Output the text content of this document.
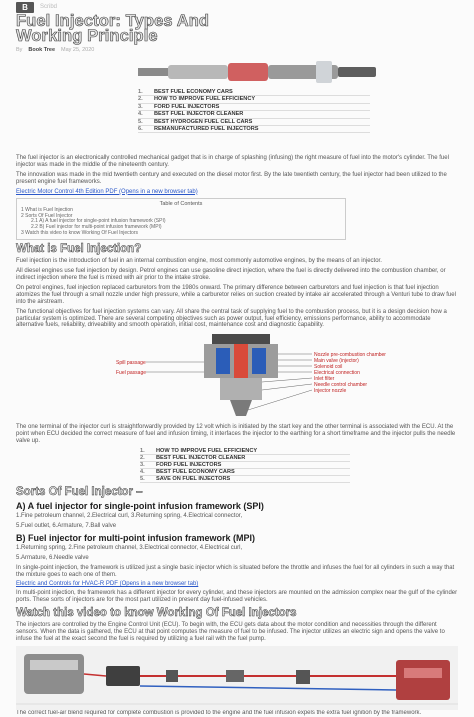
B	Scribd
Fuel Injector: Types And
Working Principle
By Book Tree May 25, 2020
1. BEST FUEL ECONOMY CARS
2. HOW TO IMPROVE FUEL EFFICIENCY
3. FORD FUEL INJECTORS
4. BEST FUEL INJECTOR CLEANER
5. BEST HYDROGEN FUEL CELL CARS
6. REMANUFACTURED FUEL INJECTORS

The fuel injector is an electronically controlled mechanical gadget that is in charge of splashing (infusing) the right measure of fuel into the motor's cylinder. The fuel injector was made in the middle of the nineteenth century.

The innovation was made in the mid twentieth century and executed on the diesel motor first. By the late twentieth century, the fuel injector had been utilized to the present engine fuel frameworks.

Electric Motor Control 4th Edition PDF (Opens in a new browser tab)
Table of Contents
1 What is Fuel Injection
2 Sorts Of Fuel Injector
2.1 A) A fuel injector for single-point infusion framework (SPI)
2.2 B) Fuel injector for multi-point infusion framework (MPI)
3 Watch this video to know Working Of Fuel Injectors
What is Fuel Injection?

Fuel injection is the introduction of fuel in an internal combustion engine, most commonly automotive engines, by the means of an injector.

All diesel engines use fuel injection by design. Petrol engines can use gasoline direct injection, where the fuel is directly delivered into the combustion chamber, or indirect injection where the fuel is mixed with air prior to the intake stroke.

On petrol engines, fuel injection replaced carburetors from the 1980s onward. The primary difference between carburetors and fuel injection is that fuel injection atomizes the fuel through a small nozzle under high pressure, while a carburetor relies on suction created by intake air accelerated through a Venturi tube to draw fuel into the airstream.

The functional objectives for fuel injection systems can vary. All share the central task of supplying fuel to the combustion process, but it is a design decision how a particular system is optimized. There are several competing objectives such as power output, fuel efficiency, emissions performance, ability to accommodate alternative fuels, reliability, driveability and smooth operation, initial cost, maintenance cost and diagnostic capability.

Spill passage
Fuel passage
Nozzle pre-combustion chamber
Main valve (injector)
Solenoid coil
Electrical connection
Inlet filter
Needle control chamber
Injector nozzle

The one terminal of the injector curl is straightforwardly provided by 12 volt which is initiated by the start key and the other terminal is associated with the ECU. At the point when ECU decided the correct measure of fuel and infusion timing, it interfaces the injector to the earthing for a short timeframe and the injector pulls the needle valve up.

1. HOW TO IMPROVE FUEL EFFICIENCY
2. BEST FUEL INJECTOR CLEANER
3. FORD FUEL INJECTORS
4. BEST FUEL ECONOMY CARS
5. SAVE ON FUEL INJECTORS
Sorts Of Fuel Injector –
A) A fuel injector for single-point infusion framework (SPI)

1.Fine petroleum channel, 2.Electrical curl, 3.Returning spring, 4.Electrical connector,

5.Fuel outlet, 6.Armature, 7.Ball valve

B) Fuel injector for multi-point infusion framework (MPI)

1.Returning spring, 2.Fine petroleum channel, 3.Electrical connector, 4.Electrical curl,

5.Armature, 6.Needle valve

In single-point injection, the framework is utilized just a single basic injector which is situated before the throttle and infuses the fuel for all cylinders in such a way that the mixture goes to each one of them.

Electric and Controls for HVAC-R PDF (Opens in a new browser tab)

In multi-point injection, the framework has a different injector for every cylinder, and these injectors are mounted on the admission complex near the gulf of the cylinder ports. These sorts of injectors are for the most part utilized in present day fuel-infused vehicles.

Watch this video to know Working Of Fuel Injectors

The injectors are controlled by the Engine Control Unit (ECU). To begin with, the ECU gets data about the motor condition and necessities through the different sensors. When the data is gathered, the ECU at that point computes the measure of fuel to be infused. The injector utilizes an electric sign and opens the valve to infuse the fuel at the exact second the fuel is required by utilizing a fuel rail with the fuel pump.

The correct fuel-air blend required for complete combustion is provided to the engine and the fuel infusion expels the extra fuel ignition by the framework.
